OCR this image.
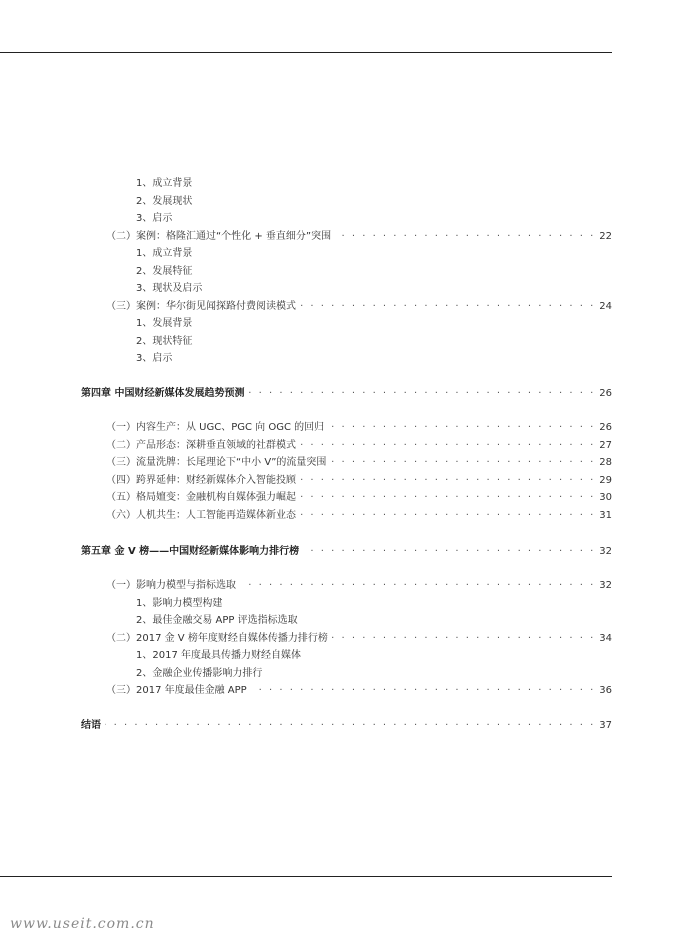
1、成立背景
2、发展现状
3、启示
（二）案例：格隆汇通过“个性化 + 垂直细分”突围 · · ·	22
1、成立背景
2、发展特征
3、现状及启示
（三）案例：华尔街见闻探路付费阅读模式 · · ·	24
1、发展背景
2、现状特征
3、启示
第四章 中国财经新媒体发展趋势预测 · · ·	26
（一）内容生产：从 UGC、PGC 向 OGC 的回归 · · ·	26
（二）产品形态：深耕垂直领域的社群模式 · · ·	27
（三）流量洗牌：长尾理论下“中小 V”的流量突围 · · ·	28
（四）跨界延伸：财经新媒体介入智能投顾 · · ·	29
（五）格局嬗变：金融机构自媒体强力崛起 · · ·	30
（六）人机共生：人工智能再造媒体新业态 · · ·	31
第五章 金 V 榜——中国财经新媒体影响力排行榜 · · ·	32
（一）影响力模型与指标选取 · · ·	32
1、影响力模型构建
2、最佳金融交易 APP 评选指标选取
（二）2017 金 V 榜年度财经自媒体传播力排行榜 · · ·	34
1、2017 年度最具传播力财经自媒体
2、金融企业传播影响力排行
（三）2017 年度最佳金融 APP · · ·	36
结语 · · ·	37
www.useit.com.cn
